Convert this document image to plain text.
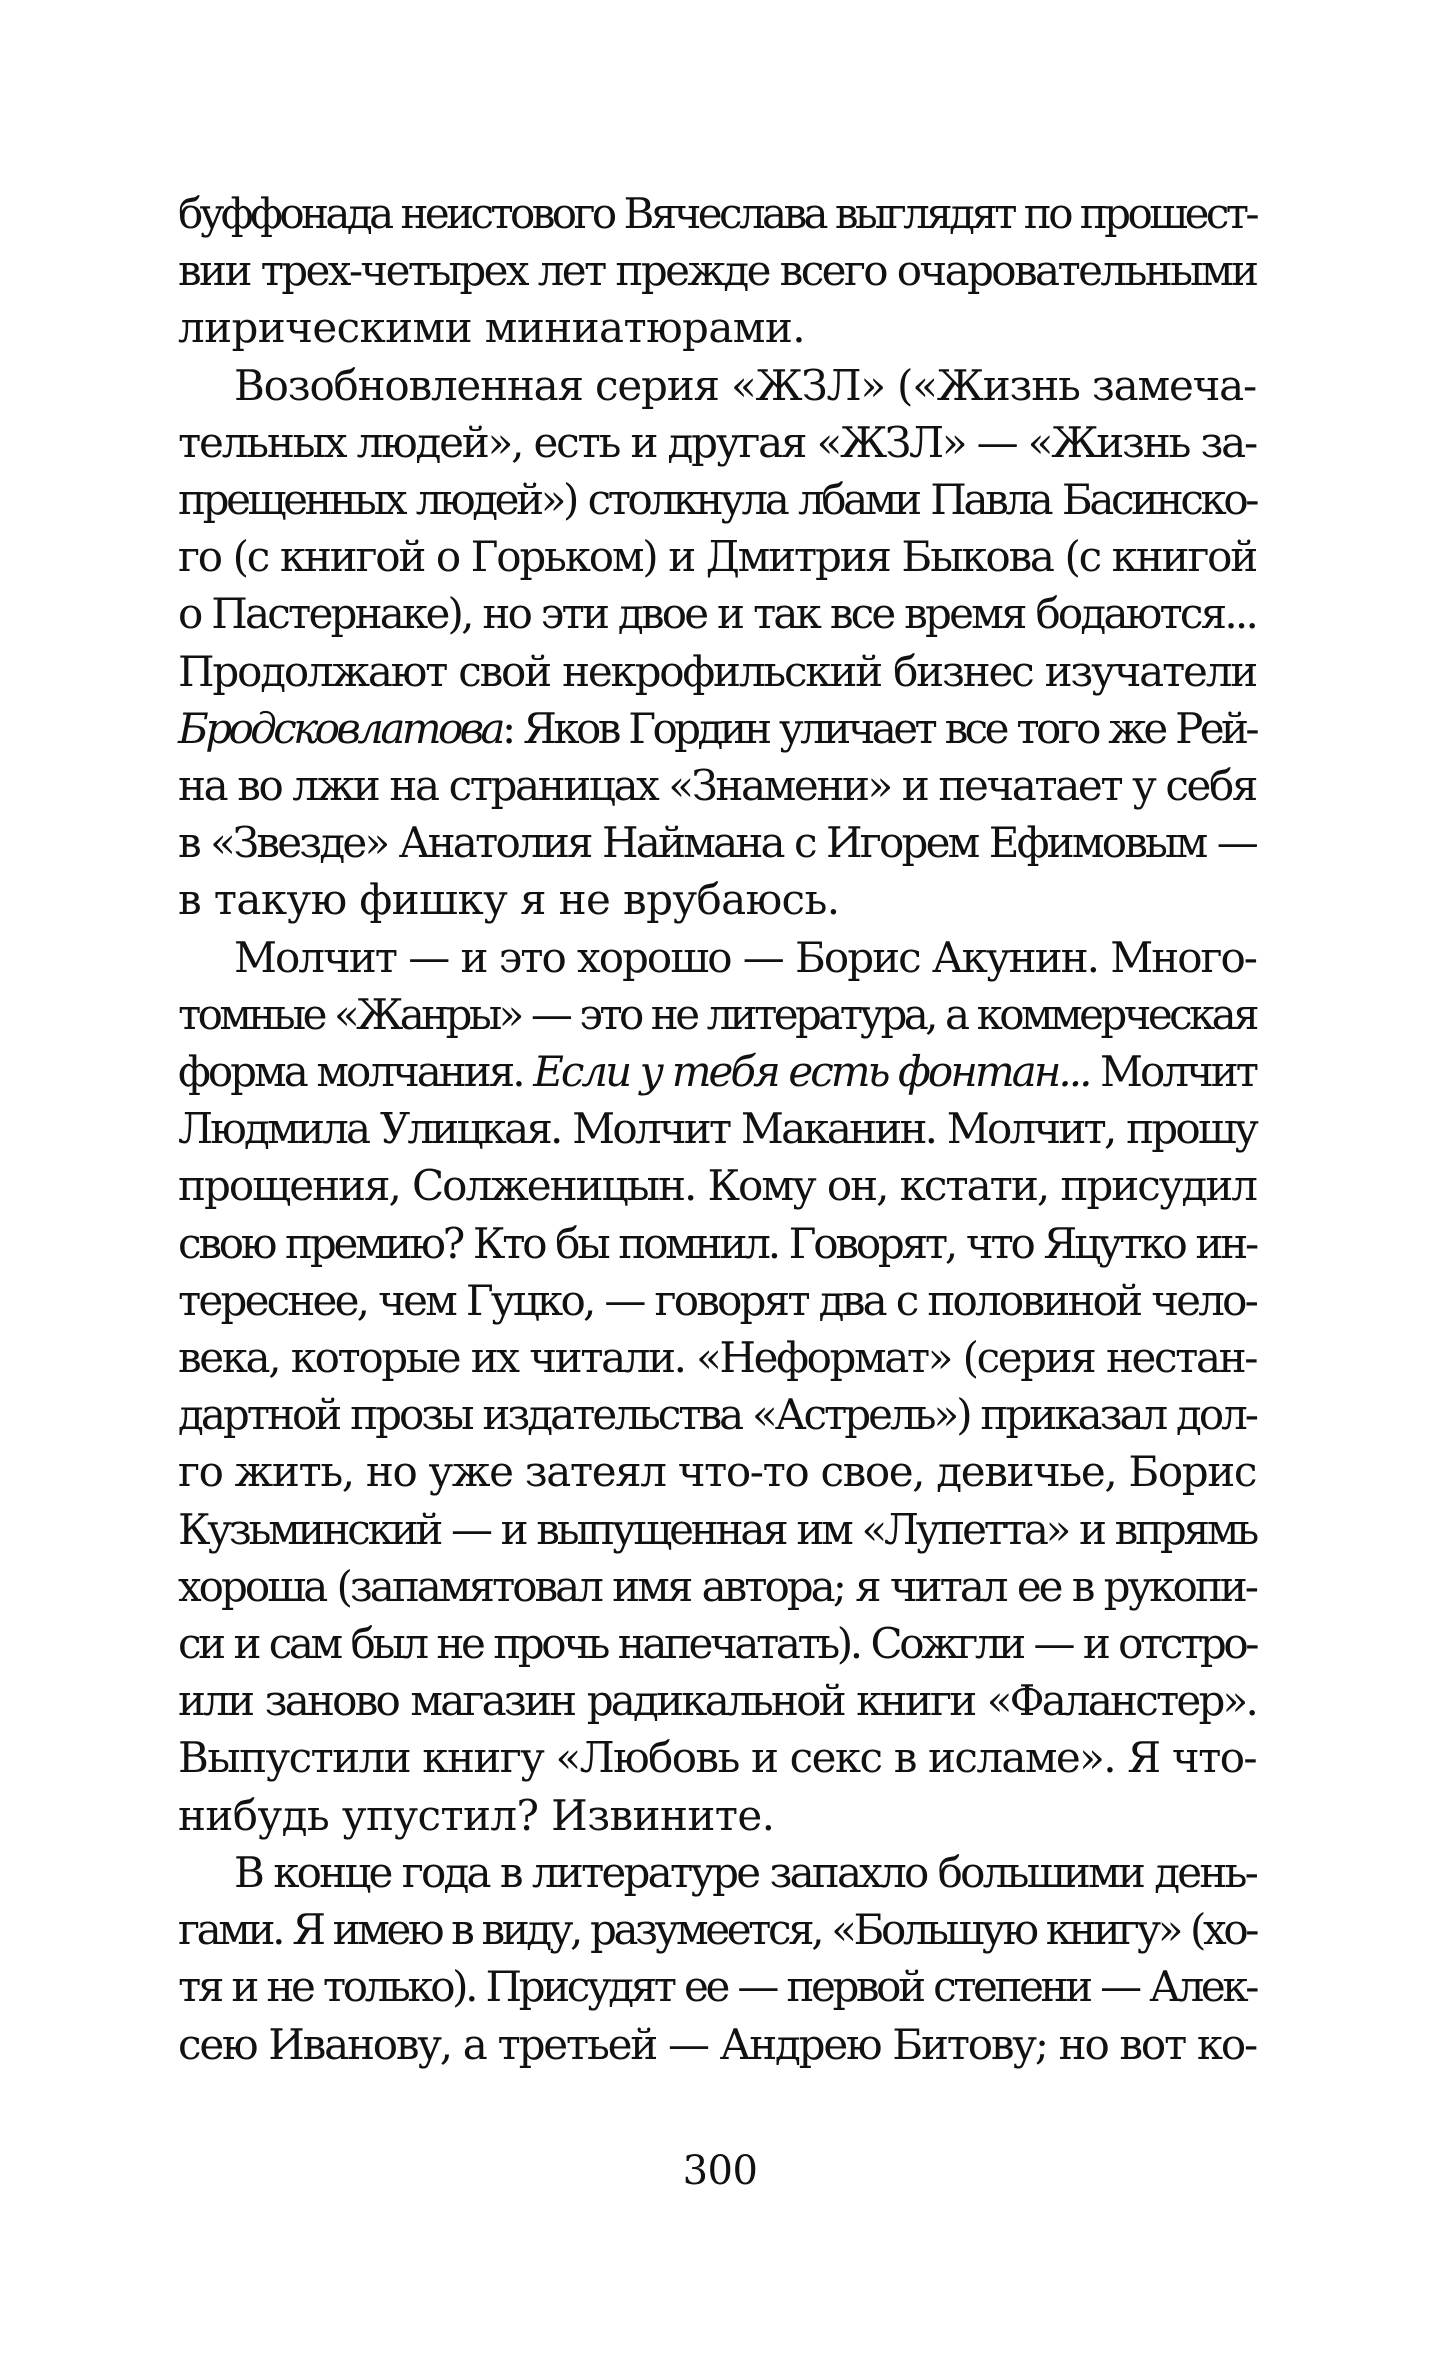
буффонада неистового Вячеслава выглядят по прошест-
вии трех-четырех лет прежде всего очаровательными
лирическими миниатюрами.

Возобновленная серия «ЖЗЛ» («Жизнь замеча-
тельных людей», есть и другая «ЖЗЛ» — «Жизнь за-
прещенных людей») столкнула лбами Павла Басинско-
го (с книгой о Горьком) и Дмитрия Быкова (с книгой
о Пастернаке), но эти двое и так все время бодаются...
Продолжают свой некрофильский бизнес изучатели
Бродсковлатова: Яков Гордин уличает все того же Рей-
на во лжи на страницах «Знамени» и печатает у себя
в «Звезде» Анатолия Наймана с Игорем Ефимовым —
в такую фишку я не врубаюсь.

Молчит — и это хорошо — Борис Акунин. Много-
томные «Жанры» — это не литература, а коммерческая
форма молчания. Если у тебя есть фонтан... Молчит
Людмила Улицкая. Молчит Маканин. Молчит, прошу
прощения, Солженицын. Кому он, кстати, присудил
свою премию? Кто бы помнил. Говорят, что Яцутко ин-
тереснее, чем Гуцко, — говорят два с половиной чело-
века, которые их читали. «Неформат» (серия нестан-
дартной прозы издательства «Астрель») приказал дол-
го жить, но уже затеял что-то свое, девичье, Борис
Кузьминский — и выпущенная им «Лупетта» и впрямь
хороша (запамятовал имя автора; я читал ее в рукопи-
си и сам был не прочь напечатать). Сожгли — и отстро-
или заново магазин радикальной книги «Фаланстер».
Выпустили книгу «Любовь и секс в исламе». Я что-
нибудь упустил? Извините.

В конце года в литературе запахло большими день-
гами. Я имею в виду, разумеется, «Большую книгу» (хо-
тя и не только). Присудят ее — первой степени — Алек-
сею Иванову, а третьей — Андрею Битову; но вот ко-

300
